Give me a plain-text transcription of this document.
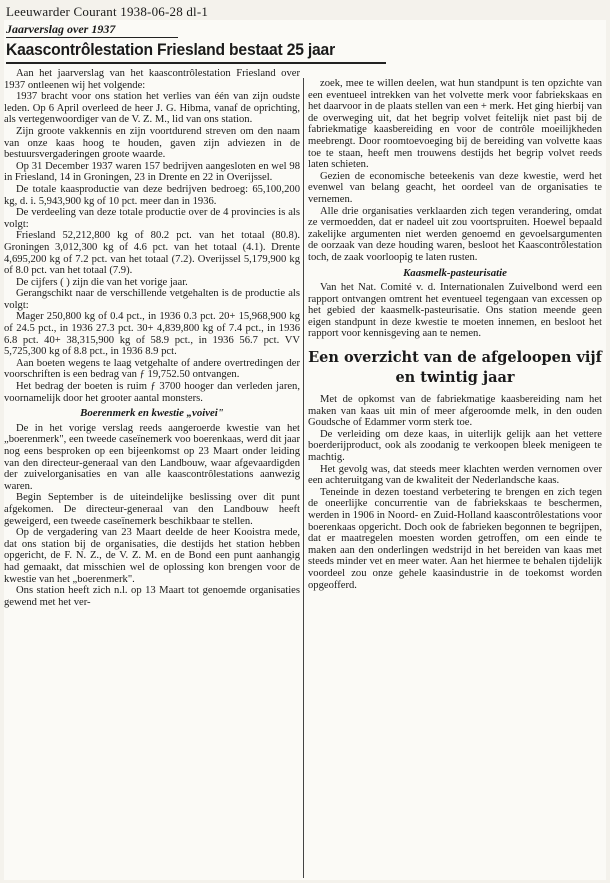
Leeuwarder Courant 1938-06-28 dl-1
Jaarverslag over 1937
Kaascontrôlestation Friesland bestaat 25 jaar

Aan het jaarverslag van het kaascontrôlestation Friesland over 1937 ontleenen wij het volgende:

1937 bracht voor ons station het verlies van één van zijn oudste leden. Op 6 April overleed de heer J. G. Hibma, vanaf de oprichting, als vertegenwoordiger van de V. Z. M., lid van ons station.

Zijn groote vakkennis en zijn voortdurend streven om den naam van onze kaas hoog te houden, gaven zijn adviezen in de bestuursvergaderingen groote waarde.

Op 31 December 1937 waren 157 bedrijven aangesloten en wel 98 in Friesland, 14 in Groningen, 23 in Drente en 22 in Overijssel.

De totale kaasproductie van deze bedrijven bedroeg: 65,100,200 kg, d. i. 5,943,900 kg of 10 pct. meer dan in 1936.

De verdeeling van deze totale productie over de 4 provincies is als volgt:

Friesland 52,212,800 kg of 80.2 pct. van het totaal (80.8). Groningen 3,012,300 kg of 4.6 pct. van het totaal (4.1). Drente 4,695,200 kg of 7.2 pct. van het totaal (7.2). Overijssel 5,179,900 kg of 8.0 pct. van het totaal (7.9).

De cijfers ( ) zijn die van het vorige jaar.

Gerangschikt naar de verschillende vetgehalten is de productie als volgt:

Mager 250,800 kg of 0.4 pct., in 1936 0.3 pct. 20+ 15,968,900 kg of 24.5 pct., in 1936 27.3 pct. 30+ 4,839,800 kg of 7.4 pct., in 1936 6.8 pct. 40+ 38,315,900 kg of 58.9 pct., in 1936 56.7 pct. VV 5,725,300 kg of 8.8 pct., in 1936 8.9 pct.

Aan boeten wegens te laag vetgehalte of andere overtredingen der voorschriften is een bedrag van ƒ 19,752.50 ontvangen.

Het bedrag der boeten is ruim ƒ 3700 hooger dan verleden jaren, voornamelijk door het grooter aantal monsters.

Boerenmerk en kwestie „voivei"

De in het vorige verslag reeds aangeroerde kwestie van het „boerenmerk", een tweede caseïnemerk voo boerenkaas, werd dit jaar nog eens besproken op een bijeenkomst op 23 Maart onder leiding van den directeur-generaal van den Landbouw, waar afgevaardigden der zuivelorganisaties en van alle kaascontrôlestations aanwezig waren.

Begin September is de uiteindelijke beslissing over dit punt afgekomen. De directeur-generaal van den Landbouw heeft geweigerd, een tweede caseïnemerk beschikbaar te stellen.

Op de vergadering van 23 Maart deelde de heer Kooistra mede, dat ons station bij de organisaties, die destijds het station hebben opgericht, de F. N. Z., de V. Z. M. en de Bond een punt aanhangig had gemaakt, dat misschien wel de oplossing kon brengen voor de kwestie van het „boerenmerk".

Ons station heeft zich n.l. op 13 Maart tot genoemde organisaties gewend met het ver-

zoek, mee te willen deelen, wat hun standpunt is ten opzichte van een eventueel intrekken van het volvette merk voor fabriekskaas en het daarvoor in de plaats stellen van een + merk. Het ging hierbij van de overweging uit, dat het begrip volvet feitelijk niet past bij de fabriekmatige kaasbereiding en voor de contrôle moeilijkheden meebrengt. Door roomtoevoeging bij de bereiding van volvette kaas toe te staan, heeft men trouwens destijds het begrip volvet reeds laten schieten.

Gezien de economische beteekenis van deze kwestie, werd het evenwel van belang geacht, het oordeel van de organisaties te vernemen.

Alle drie organisaties verklaarden zich tegen verandering, omdat ze vermoedden, dat er nadeel uit zou voortspruiten. Hoewel bepaald zakelijke argumenten niet werden genoemd en gevoelsargumenten de oorzaak van deze houding waren, besloot het Kaascontrôlestation toch, de zaak voorloopig te laten rusten.

Kaasmelk-pasteurisatie

Van het Nat. Comité v. d. Internationalen Zuivelbond werd een rapport ontvangen omtrent het eventueel tegengaan van excessen op het gebied der kaasmelk-pasteurisatie. Ons station meende geen eigen standpunt in deze kwestie te moeten innemen, en besloot het rapport voor kennisgeving aan te nemen.

Een overzicht van de afgeloopen vijf en twintig jaar

Met de opkomst van de fabriekmatige kaasbereiding nam het maken van kaas uit min of meer afgeroomde melk, in den ouden Goudsche of Edammer vorm sterk toe.

De verleiding om deze kaas, in uiterlijk gelijk aan het vettere boerderijproduct, ook als zoodanig te verkoopen bleek menigeen te machtig.

Het gevolg was, dat steeds meer klachten werden vernomen over een achteruitgang van de kwaliteit der Nederlandsche kaas.

Teneinde in dezen toestand verbetering te brengen en zich tegen de oneerlijke concurrentie van de fabriekskaas te beschermen, werden in 1906 in Noord- en Zuid-Holland kaascontrôlestations voor boerenkaas opgericht. Doch ook de fabrieken begonnen te begrijpen, dat er maatregelen moesten worden getroffen, om een einde te maken aan den onderlingen wedstrijd in het bereiden van kaas met steeds minder vet en meer water. Aan het hiermee te behalen tijdelijk voordeel zou onze gehele kaasindustrie in de toekomst worden opgeofferd.
